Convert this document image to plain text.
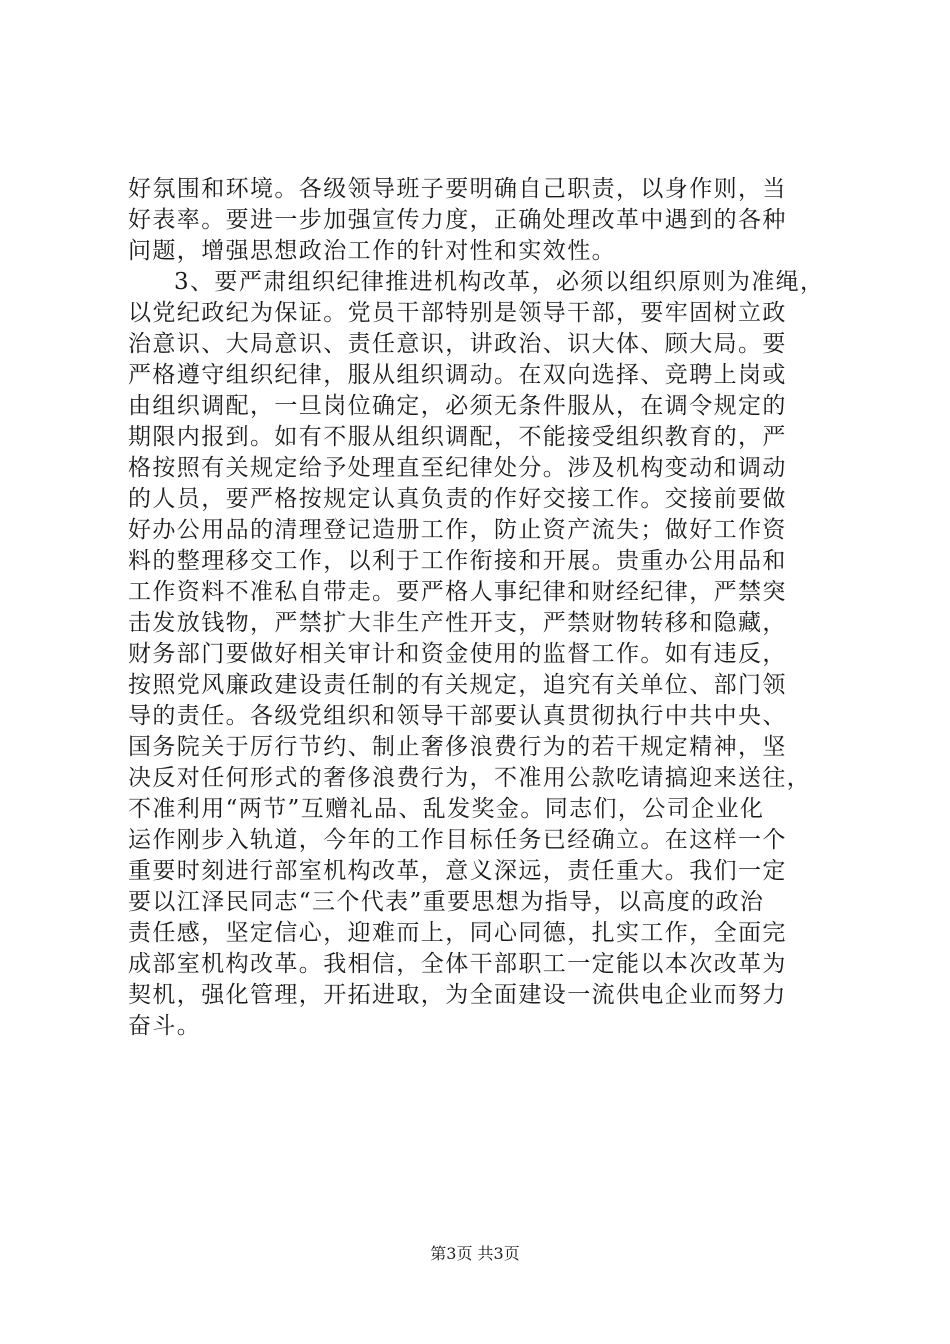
好氛围和环境。各级领导班子要明确自己职责，以身作则，当
好表率。要进一步加强宣传力度，正确处理改革中遇到的各种
问题，增强思想政治工作的针对性和实效性。
3、要严肃组织纪律推进机构改革，必须以组织原则为准绳，
以党纪政纪为保证。党员干部特别是领导干部，要牢固树立政
治意识、大局意识、责任意识，讲政治、识大体、顾大局。要
严格遵守组织纪律，服从组织调动。在双向选择、竞聘上岗或
由组织调配，一旦岗位确定，必须无条件服从，在调令规定的
期限内报到。如有不服从组织调配，不能接受组织教育的，严
格按照有关规定给予处理直至纪律处分。涉及机构变动和调动
的人员，要严格按规定认真负责的作好交接工作。交接前要做
好办公用品的清理登记造册工作，防止资产流失；做好工作资
料的整理移交工作，以利于工作衔接和开展。贵重办公用品和
工作资料不准私自带走。要严格人事纪律和财经纪律，严禁突
击发放钱物，严禁扩大非生产性开支，严禁财物转移和隐藏，
财务部门要做好相关审计和资金使用的监督工作。如有违反，
按照党风廉政建设责任制的有关规定，追究有关单位、部门领
导的责任。各级党组织和领导干部要认真贯彻执行中共中央、
国务院关于厉行节约、制止奢侈浪费行为的若干规定精神，坚
决反对任何形式的奢侈浪费行为，不准用公款吃请搞迎来送往，
不准利用“两节”互赠礼品、乱发奖金。同志们，公司企业化
运作刚步入轨道，今年的工作目标任务已经确立。在这样一个
重要时刻进行部室机构改革，意义深远，责任重大。我们一定
要以江泽民同志“三个代表”重要思想为指导，以高度的政治
责任感，坚定信心，迎难而上，同心同德，扎实工作，全面完
成部室机构改革。我相信，全体干部职工一定能以本次改革为
契机，强化管理，开拓进取，为全面建设一流供电企业而努力
奋斗。
第3页 共3页
